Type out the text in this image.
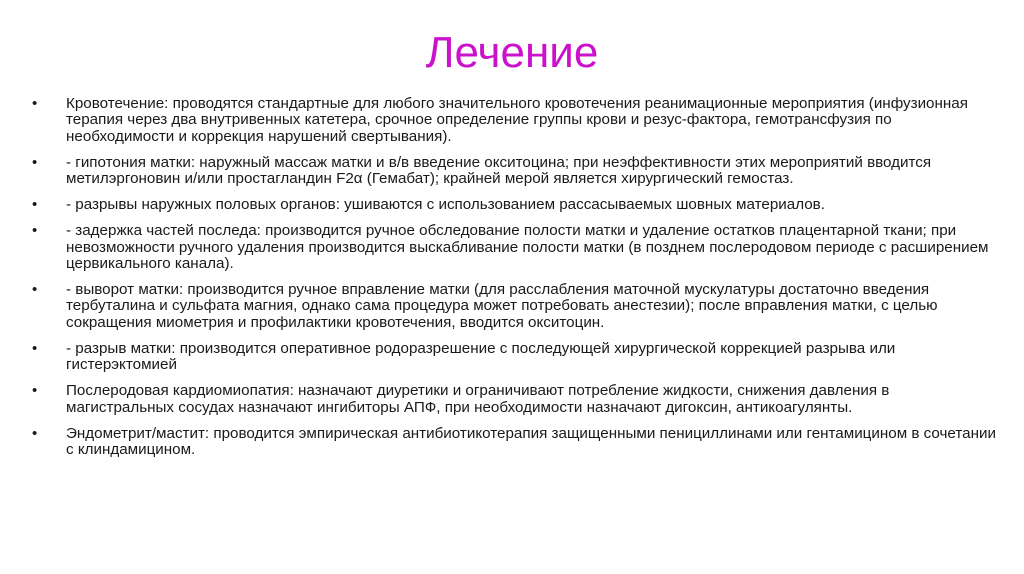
Лечение
•	Кровотечение: проводятся стандартные для любого значительного кровотечения реанимационные мероприятия (инфузионная терапия через два внутривенных катетера, срочное определение группы крови и резус-фактора, гемотрансфузия по необходимости и коррекция нарушений свертывания).
•	- гипотония матки: наружный массаж матки и в/в введение окситоцина; при неэффективности этих мероприятий вводится метилэргоновин и/или простагландин F2α (Гемабат); крайней мерой является хирургический гемостаз.
•	- разрывы наружных половых органов: ушиваются с использованием рассасываемых шовных материалов.
•	- задержка частей последа: производится ручное обследование полости матки и удаление остатков плацентарной ткани; при невозможности ручного удаления производится выскабливание полости матки (в позднем послеродовом периоде с расширением цервикального канала).
•	- выворот матки: производится ручное вправление матки (для расслабления маточной мускулатуры достаточно введения тербуталина и сульфата магния, однако сама процедура может потребовать анестезии); после вправления матки, с целью сокращения миометрия и профилактики кровотечения, вводится окситоцин.
•	- разрыв матки: производится оперативное родоразрешение с последующей хирургической коррекцией разрыва или гистерэктомией
•	Послеродовая кардиомиопатия: назначают диуретики и ограничивают потребление жидкости, снижения давления в магистральных сосудах назначают ингибиторы АПФ, при необходимости назначают дигоксин, антикоагулянты.
•	Эндометрит/мастит: проводится эмпирическая антибиотикотерапия защищенными пенициллинами или гентамицином в сочетании с клиндамицином.
